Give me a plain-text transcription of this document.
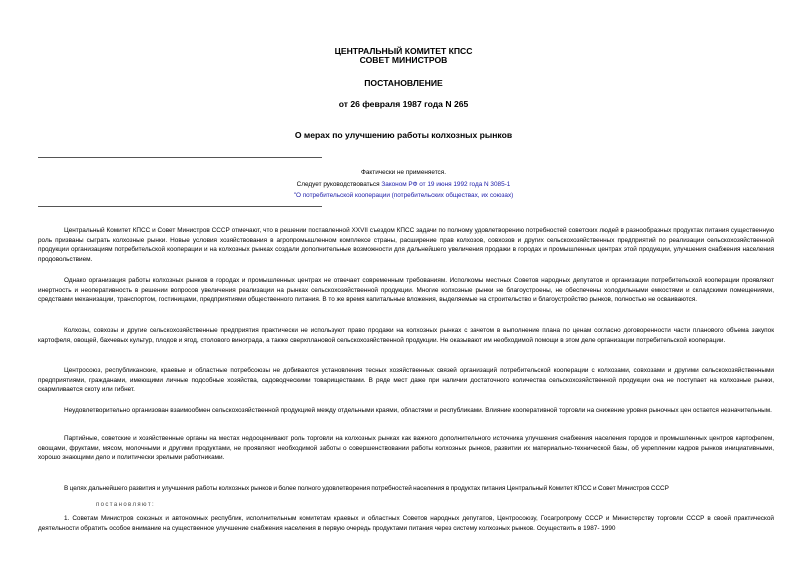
ЦЕНТРАЛЬНЫЙ КОМИТЕТ КПСС
СОВЕТ МИНИСТРОВ
ПОСТАНОВЛЕНИЕ
от 26 февраля 1987 года N 265
О мерах по улучшению работы колхозных рынков
Фактически не применяется.
Следует руководствоваться Законом РФ от 19 июня 1992 года N 3085-1
"О потребительской кооперации (потребительских обществах, их союзах)
Центральный Комитет КПСС и Совет Министров СССР отмечают, что в решении поставленной XXVII съездом КПСС задачи по полному удовлетворению потребностей советских людей в разнообразных продуктах питания существенную роль призваны сыграть колхозные рынки. Новые условия хозяйствования в агропромышленном комплексе страны, расширение прав колхозов, совхозов и других сельскохозяйственных предприятий по реализации сельскохозяйственной продукции организациям потребительской кооперации и на колхозных рынках создали дополнительные возможности для дальнейшего увеличения продажи в городах и промышленных центрах этой продукции, улучшения снабжения населения продовольствием.
Однако организация работы колхозных рынков в городах и промышленных центрах не отвечает современным требованиям. Исполкомы местных Советов народных депутатов и организации потребительской кооперации проявляют инертность и неоперативность в решении вопросов увеличения реализации на рынках сельскохозяйственной продукции. Многие колхозные рынки не благоустроены, не обеспечены холодильными емкостями и складскими помещениями, средствами механизации, транспортом, гостиницами, предприятиями общественного питания. В то же время капитальные вложения, выделяемые на строительство и благоустройство рынков, полностью не осваиваются.
Колхозы, совхозы и другие сельскохозяйственные предприятия практически не используют право продажи на колхозных рынках с зачетом в выполнение плана по ценам согласно договоренности части планового объема закупок картофеля, овощей, бахчевых культур, плодов и ягод, столового винограда, а также сверхплановой сельскохозяйственной продукции. Не оказывают им необходимой помощи в этом деле организации потребительской кооперации.
Центросоюз, республиканские, краевые и областные потребсоюзы не добиваются установления тесных хозяйственных связей организаций потребительской кооперации с колхозами, совхозами и другими сельскохозяйственными предприятиями, гражданами, имеющими личные подсобные хозяйства, садоводческими товариществами. В ряде мест даже при наличии достаточного количества сельскохозяйственной продукции она не поступает на колхозные рынки, скармливается скоту или гибнет.
Неудовлетворительно организован взаимообмен сельскохозяйственной продукцией между отдельными краями, областями и республиками. Влияние кооперативной торговли на снижение уровня рыночных цен остается незначительным.
Партийные, советские и хозяйственные органы на местах недооценивают роль торговли на колхозных рынках как важного дополнительного источника улучшения снабжения населения городов и промышленных центров картофелем, овощами, фруктами, мясом, молочными и другими продуктами, не проявляют необходимой заботы о совершенствовании работы колхозных рынков, развитии их материально-технической базы, об укреплении кадров рынков инициативными, хорошо знающими дело и политически зрелыми работниками.
В целях дальнейшего развития и улучшения работы колхозных рынков и более полного удовлетворения потребностей населения в продуктах питания Центральный Комитет КПСС и Совет Министров СССР
постановляют:
1. Советам Министров союзных и автономных республик, исполнительным комитетам краевых и областных Советов народных депутатов, Центросоюзу, Госагропрому СССР и Министерству торговли СССР в своей практической деятельности обратить особое внимание на существенное улучшение снабжения населения в первую очередь продуктами питания через систему колхозных рынков. Осуществить в 1987- 1990
